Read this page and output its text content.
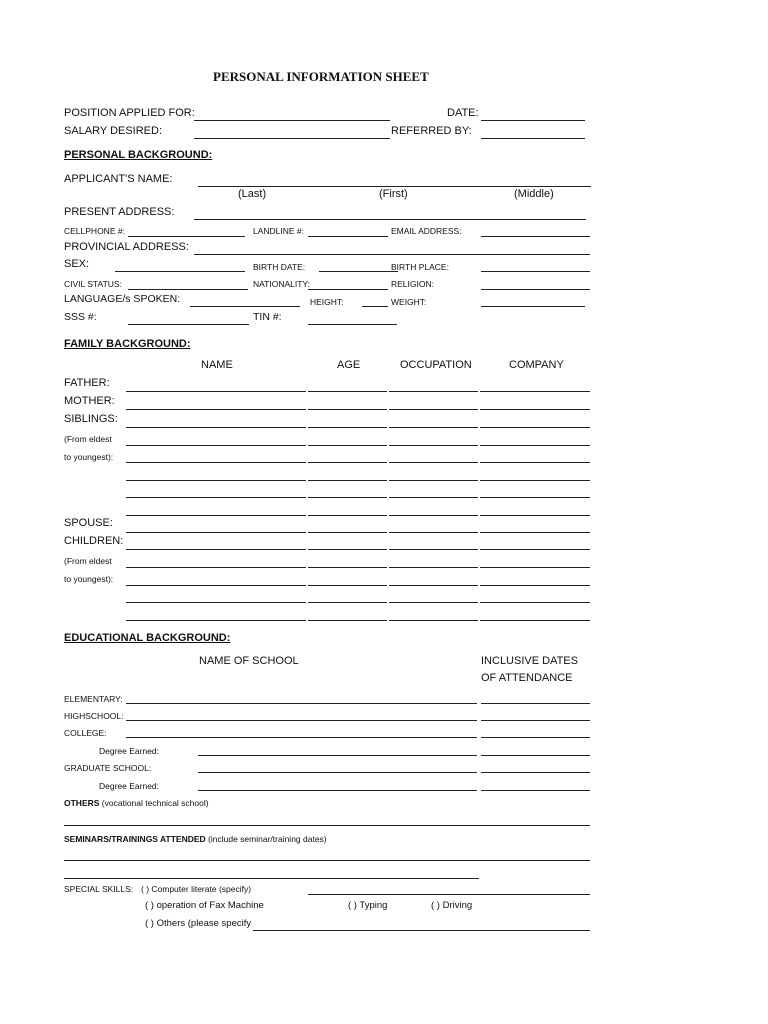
PERSONAL INFORMATION SHEET
POSITION APPLIED FOR:	DATE:
SALARY DESIRED:	REFERRED BY:
PERSONAL BACKGROUND:
APPLICANT'S NAME:
(Last)	(First)	(Middle)
PRESENT ADDRESS:
CELLPHONE #:	LANDLINE #:	EMAIL ADDRESS:
PROVINCIAL ADDRESS:
SEX:	BIRTH DATE:	BIRTH PLACE:
CIVIL STATUS:	NATIONALITY:	RELIGION:
LANGUAGE/s SPOKEN:	HEIGHT:	WEIGHT:
SSS #:	TIN #:
FAMILY BACKGROUND:
NAME	AGE	OCCUPATION	COMPANY
FATHER:
MOTHER:
SIBLINGS:
(From eldest
to youngest):
SPOUSE:
CHILDREN:
(From eldest
to youngest):
EDUCATIONAL BACKGROUND:
NAME OF SCHOOL	INCLUSIVE DATES
OF ATTENDANCE
ELEMENTARY:
HIGHSCHOOL:
COLLEGE:
Degree Earned:
GRADUATE SCHOOL:
Degree Earned:
OTHERS (vocational technical school)
SEMINARS/TRAININGS ATTENDED (include seminar/training dates)
SPECIAL SKILLS: ( ) Computer literate (specify)
( ) operation of Fax Machine	( ) Typing	( ) Driving
( ) Others (please specify
